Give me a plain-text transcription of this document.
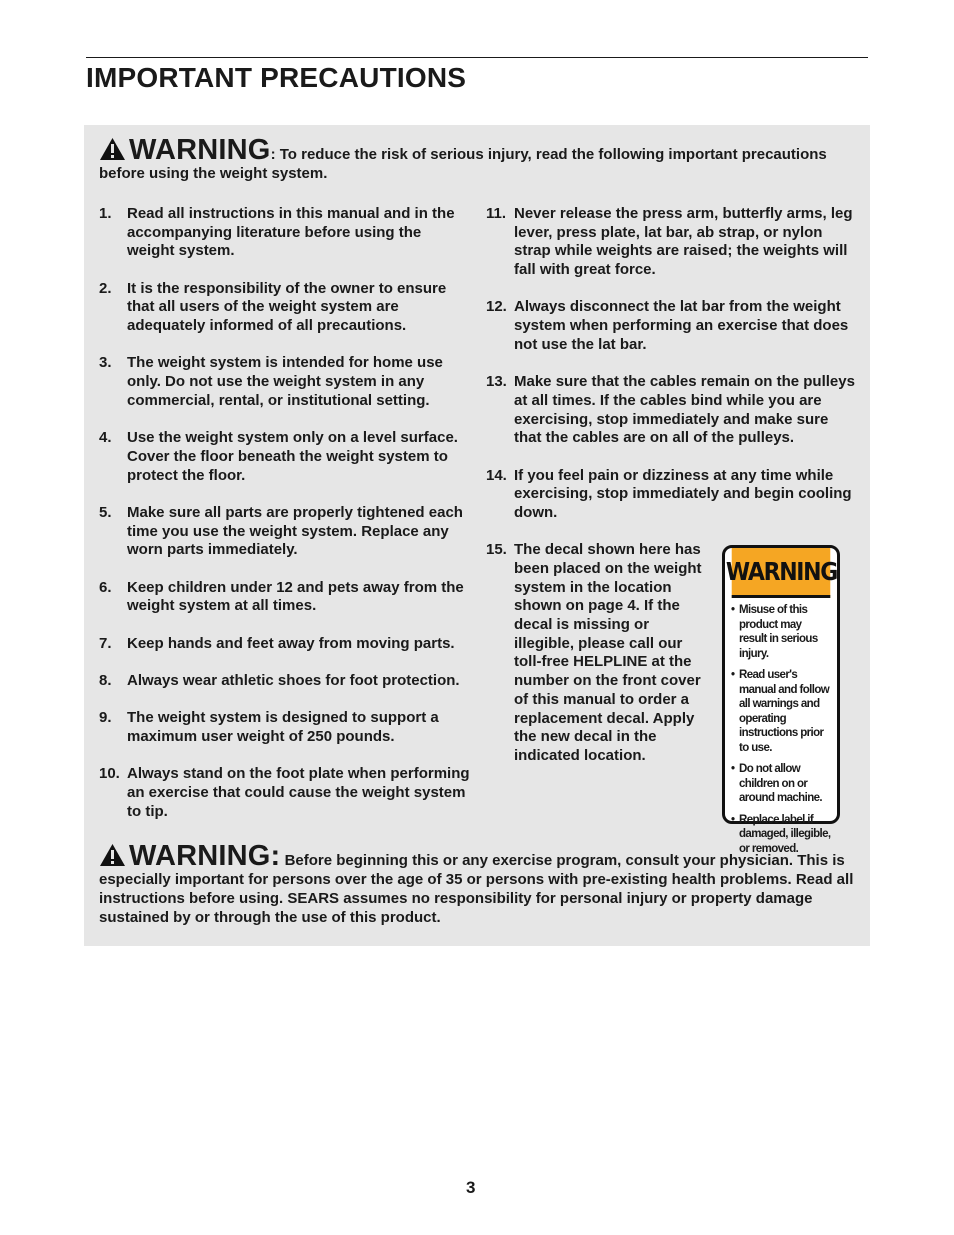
IMPORTANT PRECAUTIONS
WARNING: To reduce the risk of serious injury, read the following important precautions before using the weight system.
1.	Read all instructions in this manual and in the accompanying literature before using the weight system.
2.	It is the responsibility of the owner to ensure that all users of the weight system are adequately informed of all precautions.
3.	The weight system is intended for home use only. Do not use the weight system in any commercial, rental, or institutional setting.
4.	Use the weight system only on a level surface. Cover the floor beneath the weight system to protect the floor.
5.	Make sure all parts are properly tightened each time you use the weight system. Replace any worn parts immediately.
6.	Keep children under 12 and pets away from the weight system at all times.
7.	Keep hands and feet away from moving parts.
8.	Always wear athletic shoes for foot protection.
9.	The weight system is designed to support a maximum user weight of 250 pounds.
10. Always stand on the foot plate when performing an exercise that could cause the weight system to tip.
11. Never release the press arm, butterfly arms, leg lever, press plate, lat bar, ab strap, or nylon strap while weights are raised; the weights will fall with great force.
12. Always disconnect the lat bar from the weight system when performing an exercise that does not use the lat bar.
13. Make sure that the cables remain on the pulleys at all times. If the cables bind while you are exercising, stop immediately and make sure that the cables are on all of the pulleys.
14. If you feel pain or dizziness at any time while exercising, stop immediately and begin cooling down.
15. The decal shown here has been placed on the weight system in the location shown on page 4. If the decal is missing or illegible, please call our toll-free HELPLINE at the number on the front cover of this manual to order a replacement decal. Apply the new decal in the indicated location.
WARNING
• Misuse of this product may result in serious injury.
• Read user's manual and follow all warnings and operating instructions prior to use.
• Do not allow children on or around machine.
• Replace label if damaged, illegible, or removed.
WARNING: Before beginning this or any exercise program, consult your physician. This is especially important for persons over the age of 35 or persons with pre-existing health problems. Read all instructions before using. SEARS assumes no responsibility for personal injury or property damage sustained by or through the use of this product.
3
